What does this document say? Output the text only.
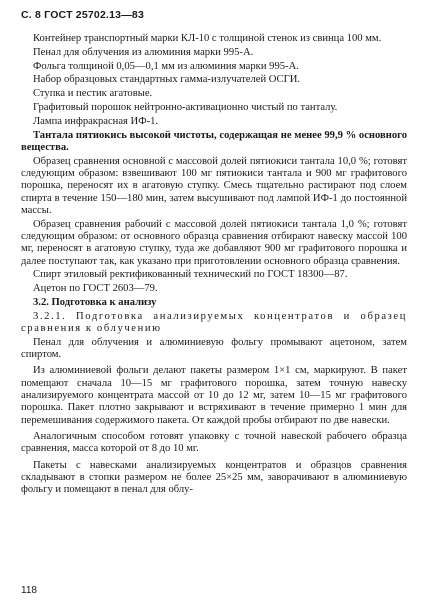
С. 8 ГОСТ 25702.13—83

Контейнер транспортный марки КЛ-10 с толщиной стенок из свинца 100 мм.

Пенал для облучения из алюминия марки 995-А.

Фольга толщиной 0,05—0,1 мм из алюминия марки 995-А.

Набор образцовых стандартных гамма-излучателей ОСГИ.

Ступка и пестик агатовые.

Графитовый порошок нейтронно-активационно чистый по танталу.

Лампа инфракрасная ИФ-1.

Тантала пятиокись высокой чистоты, содержащая не менее 99,9 % основного вещества.

Образец сравнения основной с массовой долей пятиокиси тантала 10,0 %; готовят следующим образом: взвешивают 100 мг пятиокиси тантала и 900 мг графитового порошка, переносят их в агатовую ступку. Смесь тщательно растирают под слоем спирта в течение 150—180 мин, затем высушивают под лампой ИФ-1 до постоянной массы.

Образец сравнения рабочий с массовой долей пятиокиси тантала 1,0 %; готовят следующим образом: от основного образца сравнения отбирают навеску массой 100 мг, переносят в агатовую ступку, туда же добавляют 900 мг графитового порошка и далее поступают так, как указано при приготовлении основного образца сравнения.

Спирт этиловый ректификованный технический по ГОСТ 18300—87.

Ацетон по ГОСТ 2603—79.

3.2. Подготовка к анализу

3.2.1. Подготовка анализируемых концентратов и образец сравнения к облучению

Пенал для облучения и алюминиевую фольгу промывают ацетоном, затем спиртом.

Из алюминиевой фольги делают пакеты размером 1×1 см, маркируют. В пакет помещают сначала 10—15 мг графитового порошка, затем точную навеску анализируемого концентрата массой от 10 до 12 мг, затем 10—15 мг графитового порошка. Пакет плотно закрывают и встряхивают в течение примерно 1 мин для перемешивания содержимого пакета. От каждой пробы отбирают по две навески.

Аналогичным способом готовят упаковку с точной навеской рабочего образца сравнения, масса которой от 8 до 10 мг.

Пакеты с навесками анализируемых концентратов и образцов сравнения складывают в стопки размером не более 25×25 мм, заворачивают в алюминиевую фольгу и помещают в пенал для облу-

118
